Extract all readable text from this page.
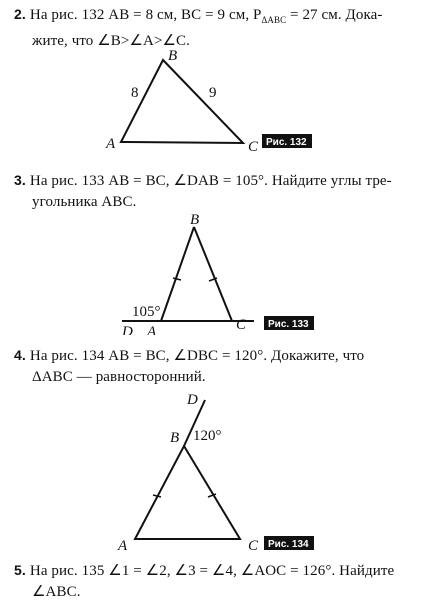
2. На рис. 132 AB = 8 см, BC = 9 см, $P_{\Delta ABC} = 27$ см. Дока-
жите, что ∠B>∠A>∠C.
A
B
C
8	9
Рис. 132
3. На рис. 133 AB = BC, ∠DAB = 105°. Найдите углы тре-
угольника ABC.
105°
B
D A	C Рис. 133
4. На рис. 134 AB = BC, ∠DBC = 120°. Докажите, что
ΔABC — равносторонний.
D
B 120°
A	C Рис. 134
5. На рис. 135 ∠1 = ∠2, ∠3 = ∠4, ∠AOC = 126°. Найдите
∠ABC.
